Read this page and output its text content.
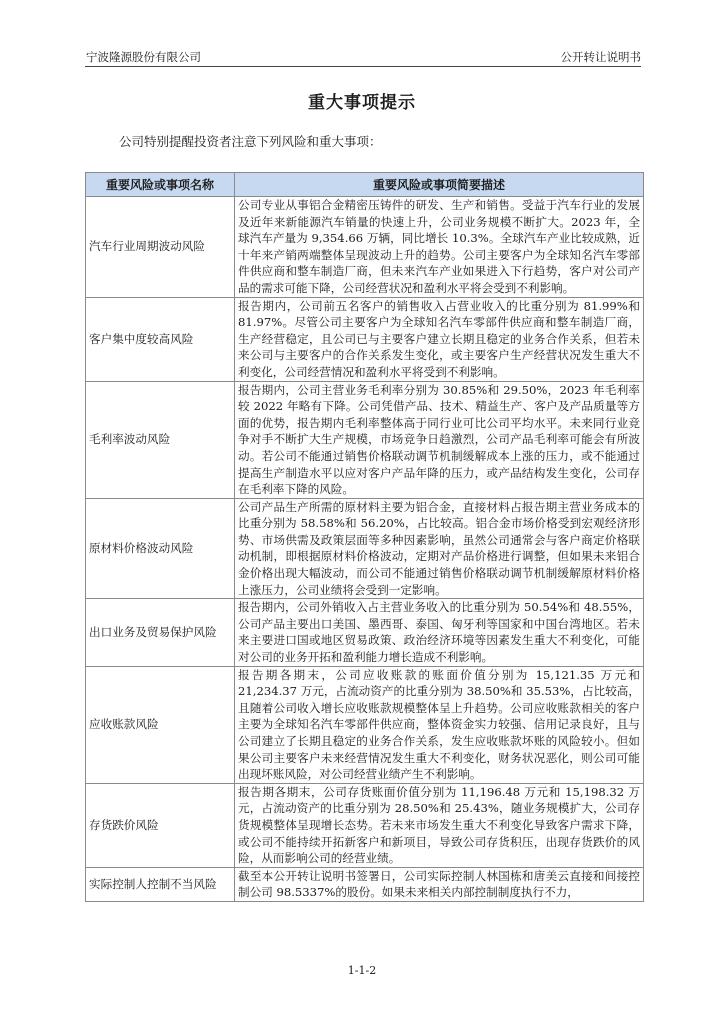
宁波隆源股份有限公司	公开转让说明书
重大事项提示
公司特别提醒投资者注意下列风险和重大事项：
重要风险或事项名称	重要风险或事项简要描述
汽车行业周期波动风险	公司专业从事铝合金精密压铸件的研发、生产和销售。受益于汽车行业的发展及近年来新能源汽车销量的快速上升，公司业务规模不断扩大。2023 年，全球汽车产量为 9,354.66 万辆，同比增长 10.3%。全球汽车产业比较成熟，近十年来产销两端整体呈现波动上升的趋势。公司主要客户为全球知名汽车零部件供应商和整车制造厂商，但未来汽车产业如果进入下行趋势，客户对公司产品的需求可能下降，公司经营状况和盈利水平将会受到不利影响。
客户集中度较高风险	报告期内，公司前五名客户的销售收入占营业收入的比重分别为 81.99%和 81.97%。尽管公司主要客户为全球知名汽车零部件供应商和整车制造厂商，生产经营稳定，且公司已与主要客户建立长期且稳定的业务合作关系，但若未来公司与主要客户的合作关系发生变化，或主要客户生产经营状况发生重大不利变化，公司经营情况和盈利水平将受到不利影响。
毛利率波动风险	报告期内，公司主营业务毛利率分别为 30.85%和 29.50%，2023 年毛利率较 2022 年略有下降。公司凭借产品、技术、精益生产、客户及产品质量等方面的优势，报告期内毛利率整体高于同行业可比公司平均水平。未来同行业竞争对手不断扩大生产规模，市场竞争日趋激烈，公司产品毛利率可能会有所波动。若公司不能通过销售价格联动调节机制缓解成本上涨的压力，或不能通过提高生产制造水平以应对客户产品年降的压力，或产品结构发生变化，公司存在毛利率下降的风险。
原材料价格波动风险	公司产品生产所需的原材料主要为铝合金，直接材料占报告期主营业务成本的比重分别为 58.58%和 56.20%，占比较高。铝合金市场价格受到宏观经济形势、市场供需及政策层面等多种因素影响，虽然公司通常会与客户商定价格联动机制，即根据原材料价格波动，定期对产品价格进行调整，但如果未来铝合金价格出现大幅波动，而公司不能通过销售价格联动调节机制缓解原材料价格上涨压力，公司业绩将会受到一定影响。
出口业务及贸易保护风险	报告期内，公司外销收入占主营业务收入的比重分别为 50.54%和 48.55%，公司产品主要出口美国、墨西哥、泰国、匈牙利等国家和中国台湾地区。若未来主要进口国或地区贸易政策、政治经济环境等因素发生重大不利变化，可能对公司的业务开拓和盈利能力增长造成不利影响。
应收账款风险	报告期各期末，公司应收账款的账面价值分别为 15,121.35 万元和 21,234.37 万元，占流动资产的比重分别为 38.50%和 35.53%，占比较高，且随着公司收入增长应收账款规模整体呈上升趋势。公司应收账款相关的客户主要为全球知名汽车零部件供应商，整体资金实力较强、信用记录良好，且与公司建立了长期且稳定的业务合作关系，发生应收账款坏账的风险较小。但如果公司主要客户未来经营情况发生重大不利变化，财务状况恶化，则公司可能出现坏账风险，对公司经营业绩产生不利影响。
存货跌价风险	报告期各期末，公司存货账面价值分别为 11,196.48 万元和 15,198.32 万元，占流动资产的比重分别为 28.50%和 25.43%，随业务规模扩大，公司存货规模整体呈现增长态势。若未来市场发生重大不利变化导致客户需求下降，或公司不能持续开拓新客户和新项目，导致公司存货积压，出现存货跌价的风险，从而影响公司的经营业绩。
实际控制人控制不当风险	截至本公开转让说明书签署日，公司实际控制人林国栋和唐美云直接和间接控制公司 98.5337%的股份。如果未来相关内部控制制度执行不力，
1-1-2
